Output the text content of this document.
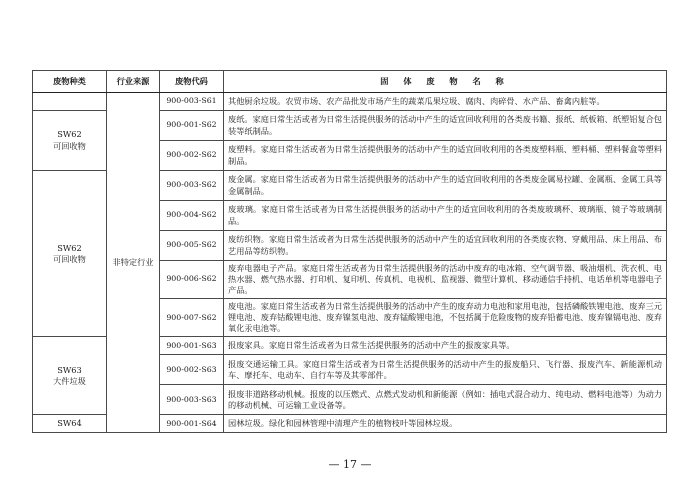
废物种类	行业来源	废物代码	固 体 废 物 名 称
	非特定行业	900-003-S61	其他厨余垃圾。农贸市场、农产品批发市场产生的蔬菜瓜果垃圾、腐肉、肉碎骨、水产品、畜禽内脏等。

SW62
可回收物		900-001-S62	废纸。家庭日常生活或者为日常生活提供服务的活动中产生的适宜回收利用的各类废书籍、报纸、纸板箱、纸塑铝复合包装等纸制品。
		900-002-S62	废塑料。家庭日常生活或者为日常生活提供服务的活动中产生的适宜回收利用的各类废塑料瓶、塑料桶、塑料餐盒等塑料制品。

SW62
可回收物		900-003-S62	废金属。家庭日常生活或者为日常生活提供服务的活动中产生的适宜回收利用的各类废金属易拉罐、金属瓶、金属工具等金属制品。
		900-004-S62	废玻璃。家庭日常生活或者为日常生活提供服务的活动中产生的适宜回收利用的各类废玻璃杯、玻璃瓶、镜子等玻璃制品。
		900-005-S62	废纺织物。家庭日常生活或者为日常生活提供服务的活动中产生的适宜回收利用的各类废衣物、穿戴用品、床上用品、布艺用品等纺织物。
		900-006-S62	废弃电器电子产品。家庭日常生活或者为日常生活提供服务的活动中废弃的电冰箱、空气调节器、吸油烟机、洗衣机、电热水器、燃气热水器、打印机、复印机、传真机、电视机、监视器、微型计算机、移动通信手持机、电话单机等电器电子产品。
		900-007-S62	废电池。家庭日常生活或者为日常生活提供服务的活动中产生的废弃动力电池和家用电池，包括磷酸铁锂电池、废弃三元锂电池、废弃钴酸锂电池、废弃镍氢电池、废弃锰酸锂电池，不包括属于危险废物的废弃铅蓄电池、废弃镍镉电池、废弃氧化汞电池等。

SW63
大件垃圾		900-001-S63	报废家具。家庭日常生活或者为日常生活提供服务的活动中产生的报废家具等。
		900-002-S63	报废交通运输工具。家庭日常生活或者为日常生活提供服务的活动中产生的报废船只、飞行器、报废汽车、新能源机动车、摩托车、电动车、自行车等及其零部件。
		900-003-S63	报废非道路移动机械。报废的以压燃式、点燃式发动机和新能源（例如：插电式混合动力、纯电动、燃料电池等）为动力的移动机械、可运输工业设备等。

SW64		900-001-S64	园林垃圾。绿化和园林管理中清理产生的植物枝叶等园林垃圾。
— 17 —
